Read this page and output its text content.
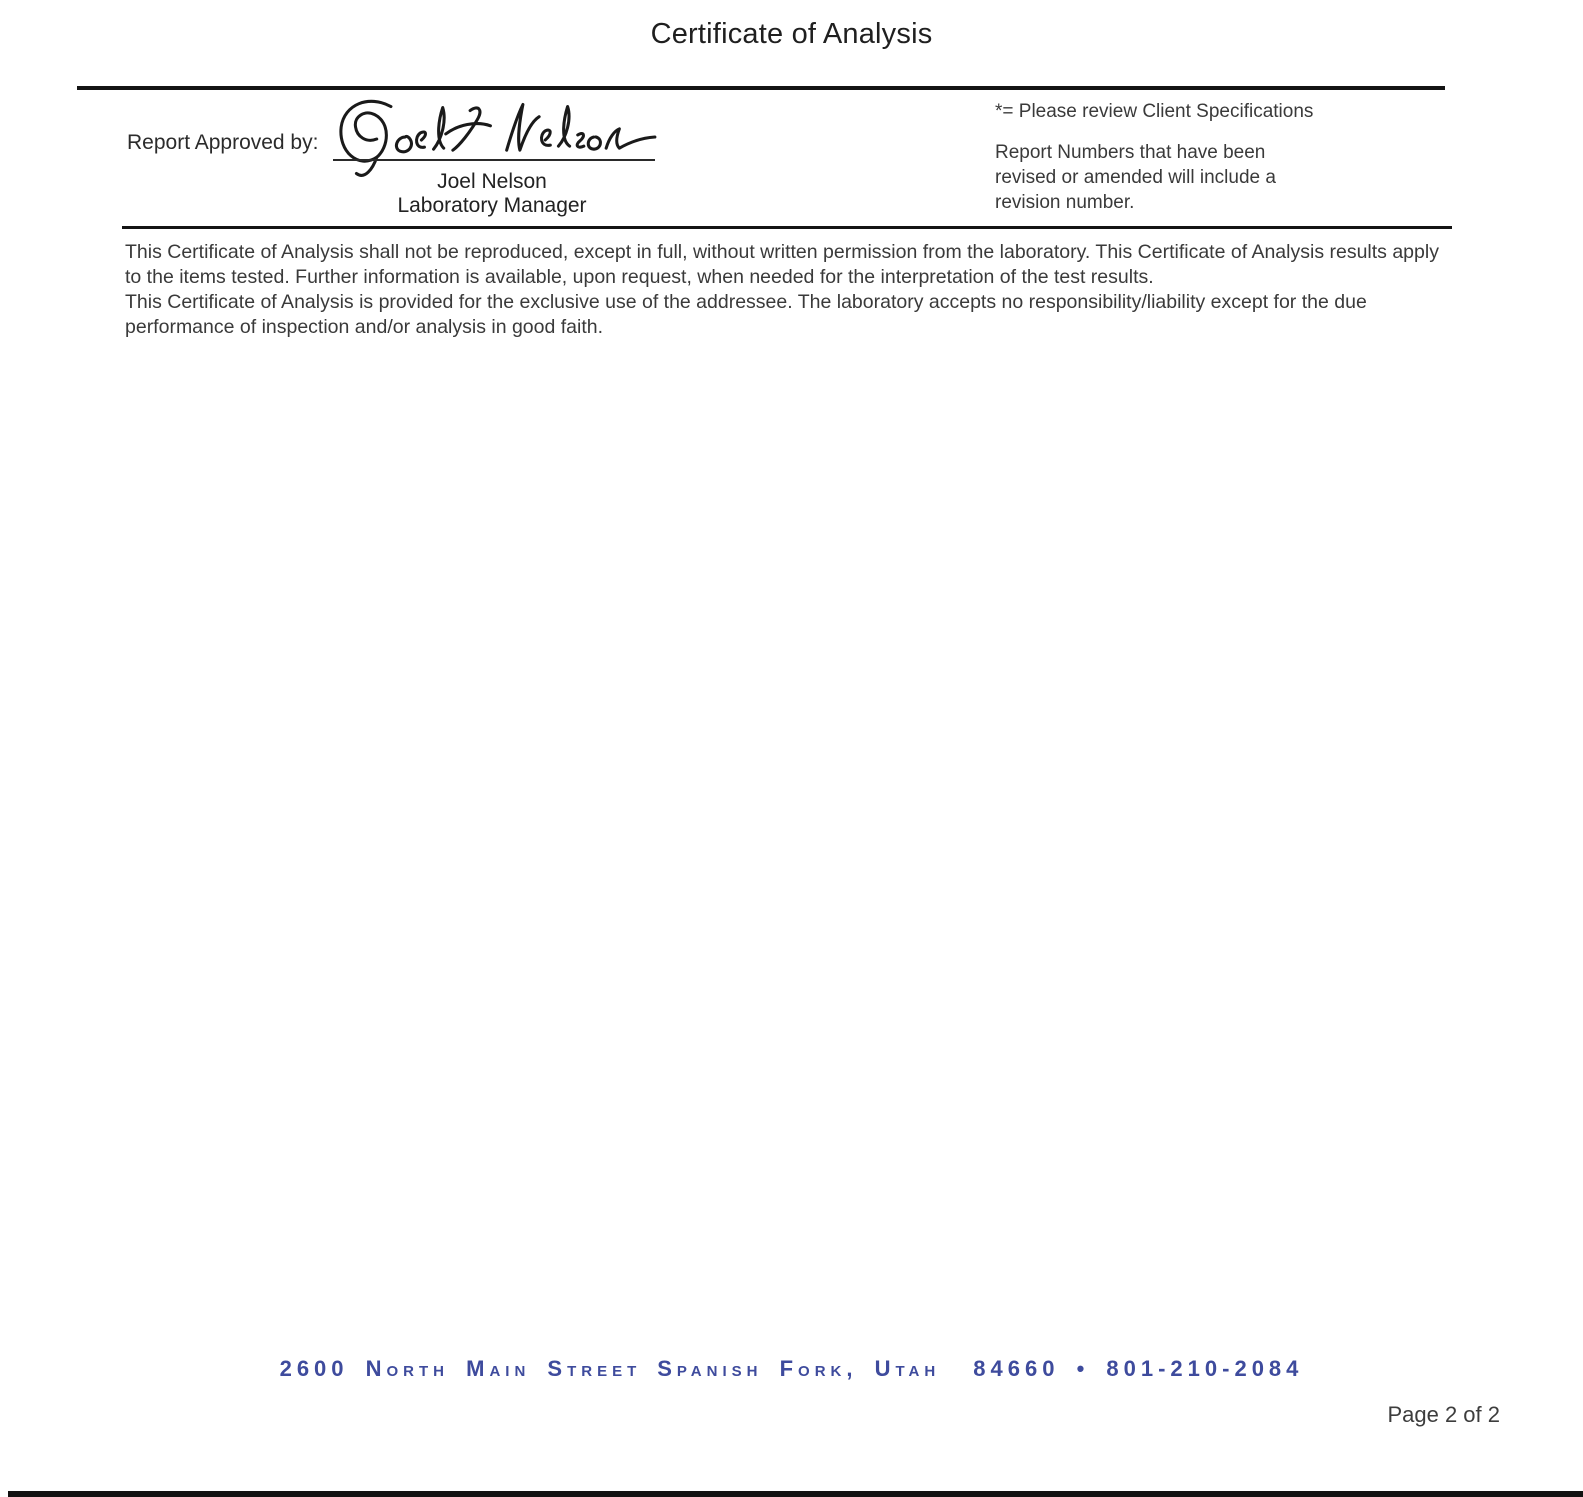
Certificate of Analysis
Report Approved by:
Joel Nelson
Laboratory Manager
*= Please review Client Specifications
Report Numbers that have been revised or amended will include a revision number.

This Certificate of Analysis shall not be reproduced, except in full, without written permission from the laboratory. This Certificate of Analysis results apply to the items tested. Further information is available, upon request, when needed for the interpretation of the test results.

This Certificate of Analysis is provided for the exclusive use of the addressee. The laboratory accepts no responsibility/liability except for the due performance of inspection and/or analysis in good faith.

2600 North Main Street Spanish Fork, Utah  84660 • 801-210-2084
Page 2 of 2
